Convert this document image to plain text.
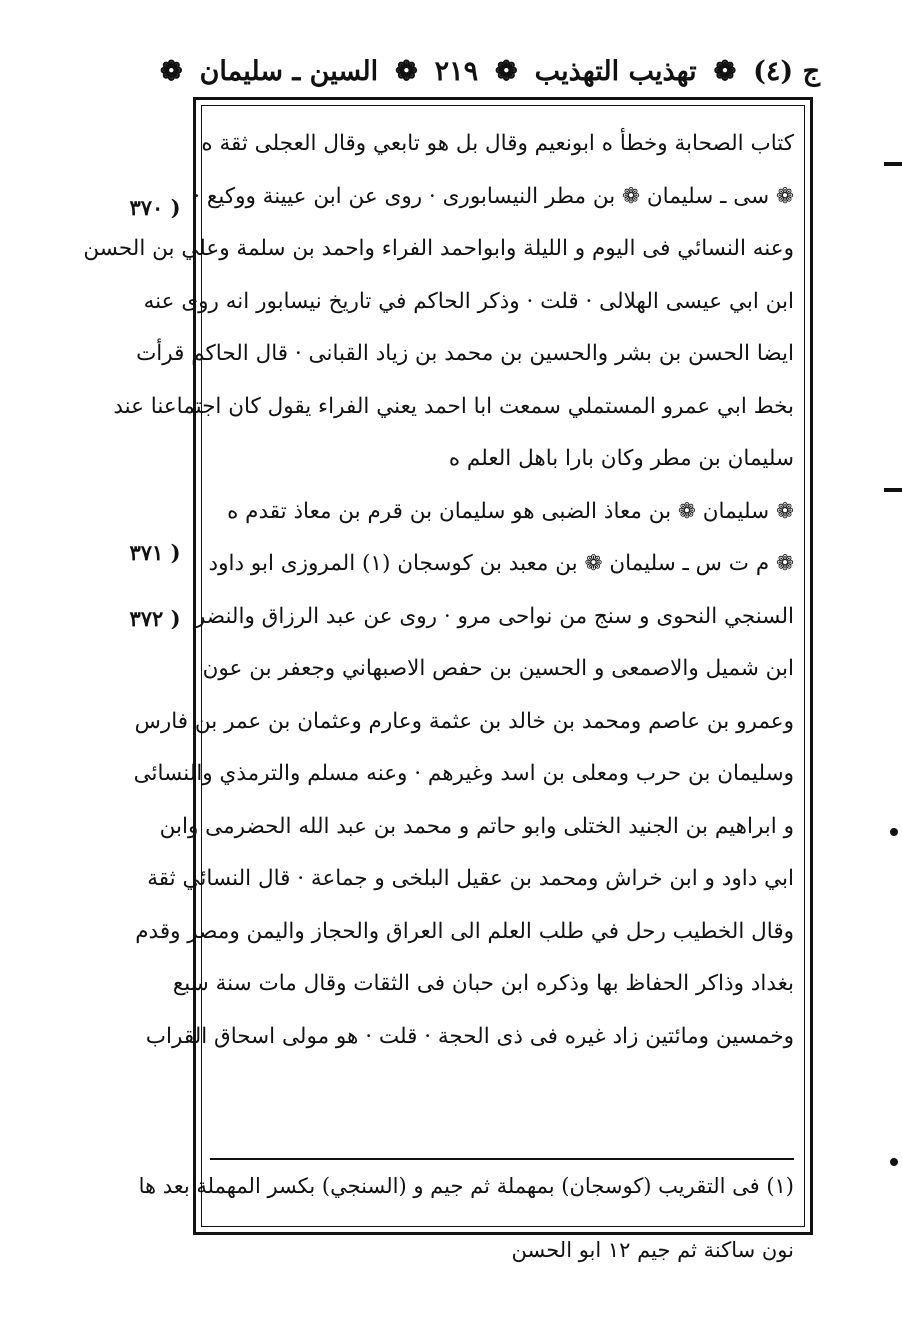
ج (٤)
❁
تهذيب التهذيب
❁
٢١٩
❁
السين ـ سليمان
❁
( ٣٧٠
( ٣٧١
( ٣٧٢
كتاب الصحابة وخطأ ه ابونعيم وقال بل هو تابعي وقال العجلى ثقة ه
❁ سى ـ سليمان ❁ بن مطر النيسابورى · روى عن ابن عيينة ووكيع ·
وعنه النسائي فى اليوم و الليلة وابواحمد الفراء واحمد بن سلمة وعلي بن الحسن
ابن ابي عيسى الهلالى · قلت · وذكر الحاكم في تاريخ نيسابور انه روى عنه
ايضا الحسن بن بشر والحسين بن محمد بن زياد القبانى · قال الحاكم قرأت
بخط ابي عمرو المستملي سمعت ابا احمد يعني الفراء يقول كان اجتماعنا عند
سليمان بن مطر وكان بارا باهل العلم ه
❁ سليمان ❁ بن معاذ الضبى هو سليمان بن قرم بن معاذ تقدم ه
❁ م ت س ـ سليمان ❁ بن معبد بن كوسجان (١) المروزى ابو داود
السنجي النحوى و سنج من نواحى مرو · روى عن عبد الرزاق والنضر
ابن شميل والاصمعى و الحسين بن حفص الاصبهاني وجعفر بن عون
وعمرو بن عاصم ومحمد بن خالد بن عثمة وعارم وعثمان بن عمر بن فارس
وسليمان بن حرب ومعلى بن اسد وغيرهم · وعنه مسلم والترمذي والنسائى
و ابراهيم بن الجنيد الختلى وابو حاتم و محمد بن عبد الله الحضرمى وابن
ابي داود و ابن خراش ومحمد بن عقيل البلخى و جماعة · قال النسائي ثقة
وقال الخطيب رحل في طلب العلم الى العراق والحجاز واليمن ومصر وقدم
بغداد وذاكر الحفاظ بها وذكره ابن حبان فى الثقات وقال مات سنة سبع
وخمسين ومائتين زاد غيره فى ذى الحجة · قلت · هو مولى اسحاق القراب
(١) فى التقريب (كوسجان) بمهملة ثم جيم و (السنجي) بكسر المهملة بعد ها
نون ساكنة ثم جيم ١٢ ابو الحسن
